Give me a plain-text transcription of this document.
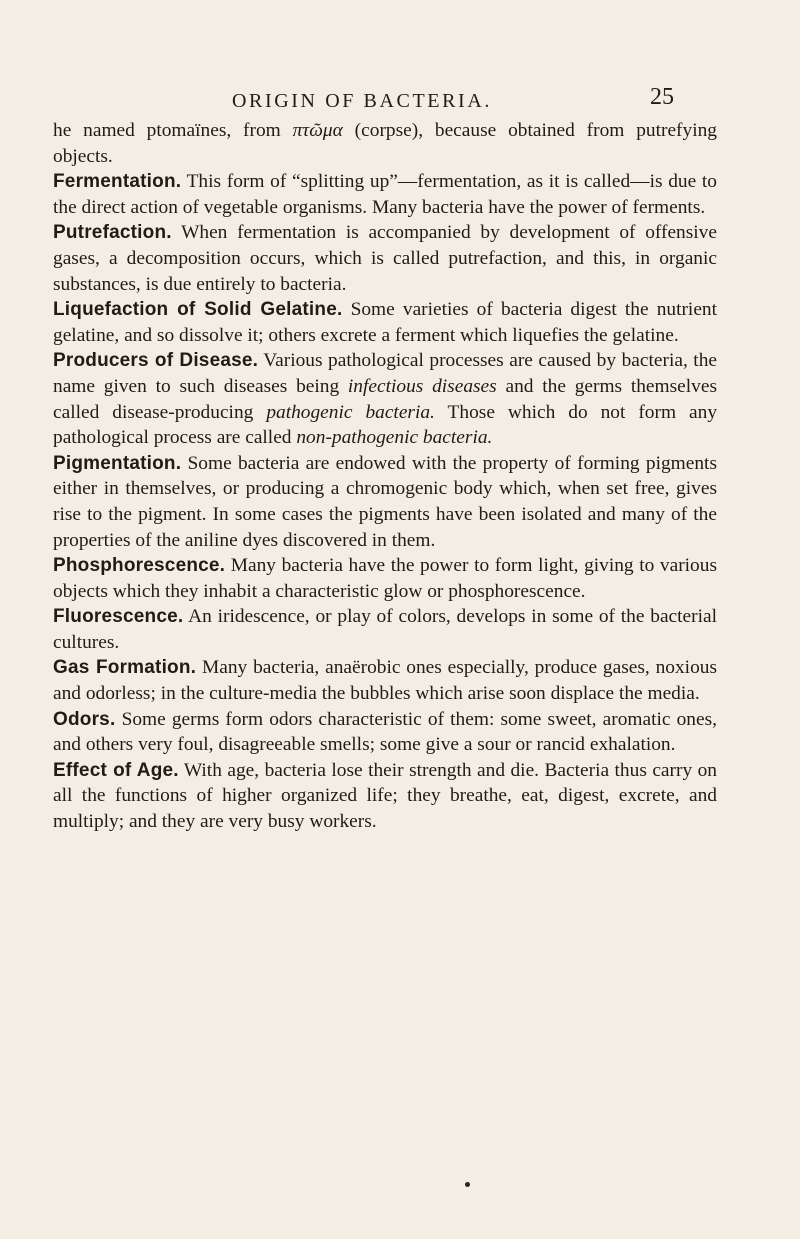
ORIGIN OF BACTERIA.	25

he named ptomaïnes, from πτῶμα (corpse), because obtained from putrefying objects.

Fermentation. This form of “splitting up”—fermentation, as it is called—is due to the direct action of vegetable organisms. Many bacteria have the power of ferments.

Putrefaction. When fermentation is accompanied by development of offensive gases, a decomposition occurs, which is called putrefaction, and this, in organic substances, is due entirely to bacteria.

Liquefaction of Solid Gelatine. Some varieties of bacteria digest the nutrient gelatine, and so dissolve it; others excrete a ferment which liquefies the gelatine.

Producers of Disease. Various pathological processes are caused by bacteria, the name given to such diseases being infectious diseases and the germs themselves called disease-producing pathogenic bacteria. Those which do not form any pathological process are called non-pathogenic bacteria.

Pigmentation. Some bacteria are endowed with the property of forming pigments either in themselves, or producing a chromogenic body which, when set free, gives rise to the pigment. In some cases the pigments have been isolated and many of the properties of the aniline dyes discovered in them.

Phosphorescence. Many bacteria have the power to form light, giving to various objects which they inhabit a characteristic glow or phosphorescence.

Fluorescence. An iridescence, or play of colors, develops in some of the bacterial cultures.

Gas Formation. Many bacteria, anaërobic ones especially, produce gases, noxious and odorless; in the culture-media the bubbles which arise soon displace the media.

Odors. Some germs form odors characteristic of them: some sweet, aromatic ones, and others very foul, disagreeable smells; some give a sour or rancid exhalation.

Effect of Age. With age, bacteria lose their strength and die. Bacteria thus carry on all the functions of higher organized life; they breathe, eat, digest, excrete, and multiply; and they are very busy workers.
